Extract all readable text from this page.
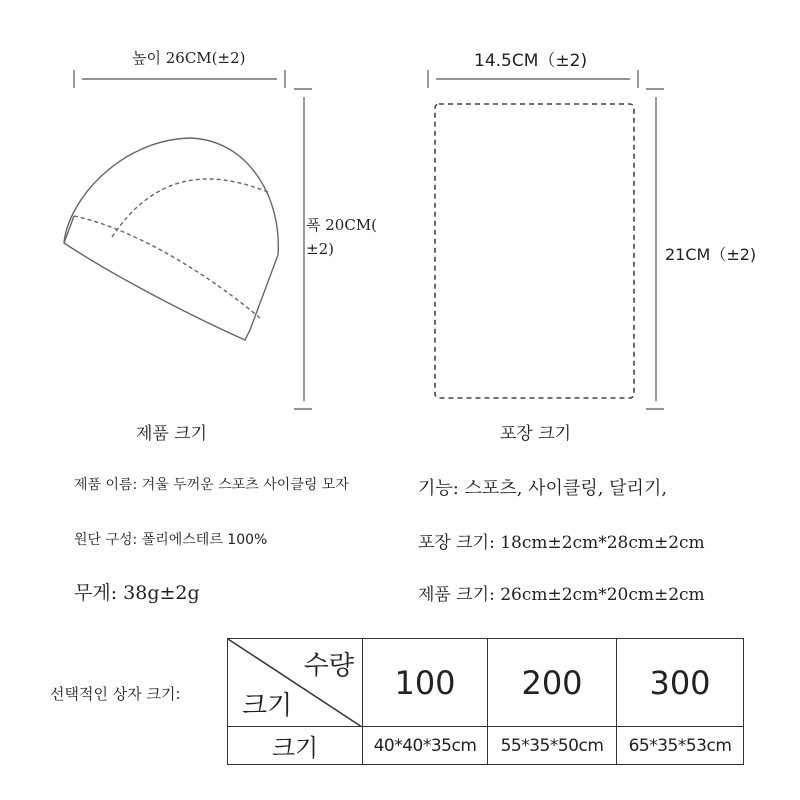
높이 26CM(±2)
폭 20CM(
±2)
14.5CM（±2)
21CM（±2)
제품 크기	포장 크기
제품 이름: 겨울 두꺼운 스포츠 사이클링 모자
원단 구성: 폴리에스테르 100%
무게: 38g±2g
기능: 스포츠, 사이클링, 달리기,
포장 크기: 18cm±2cm*28cm±2cm
제품 크기: 26cm±2cm*20cm±2cm
선택적인 상자 크기:
수량
크기	100	200	300
크기	40*40*35cm	55*35*50cm	65*35*53cm
